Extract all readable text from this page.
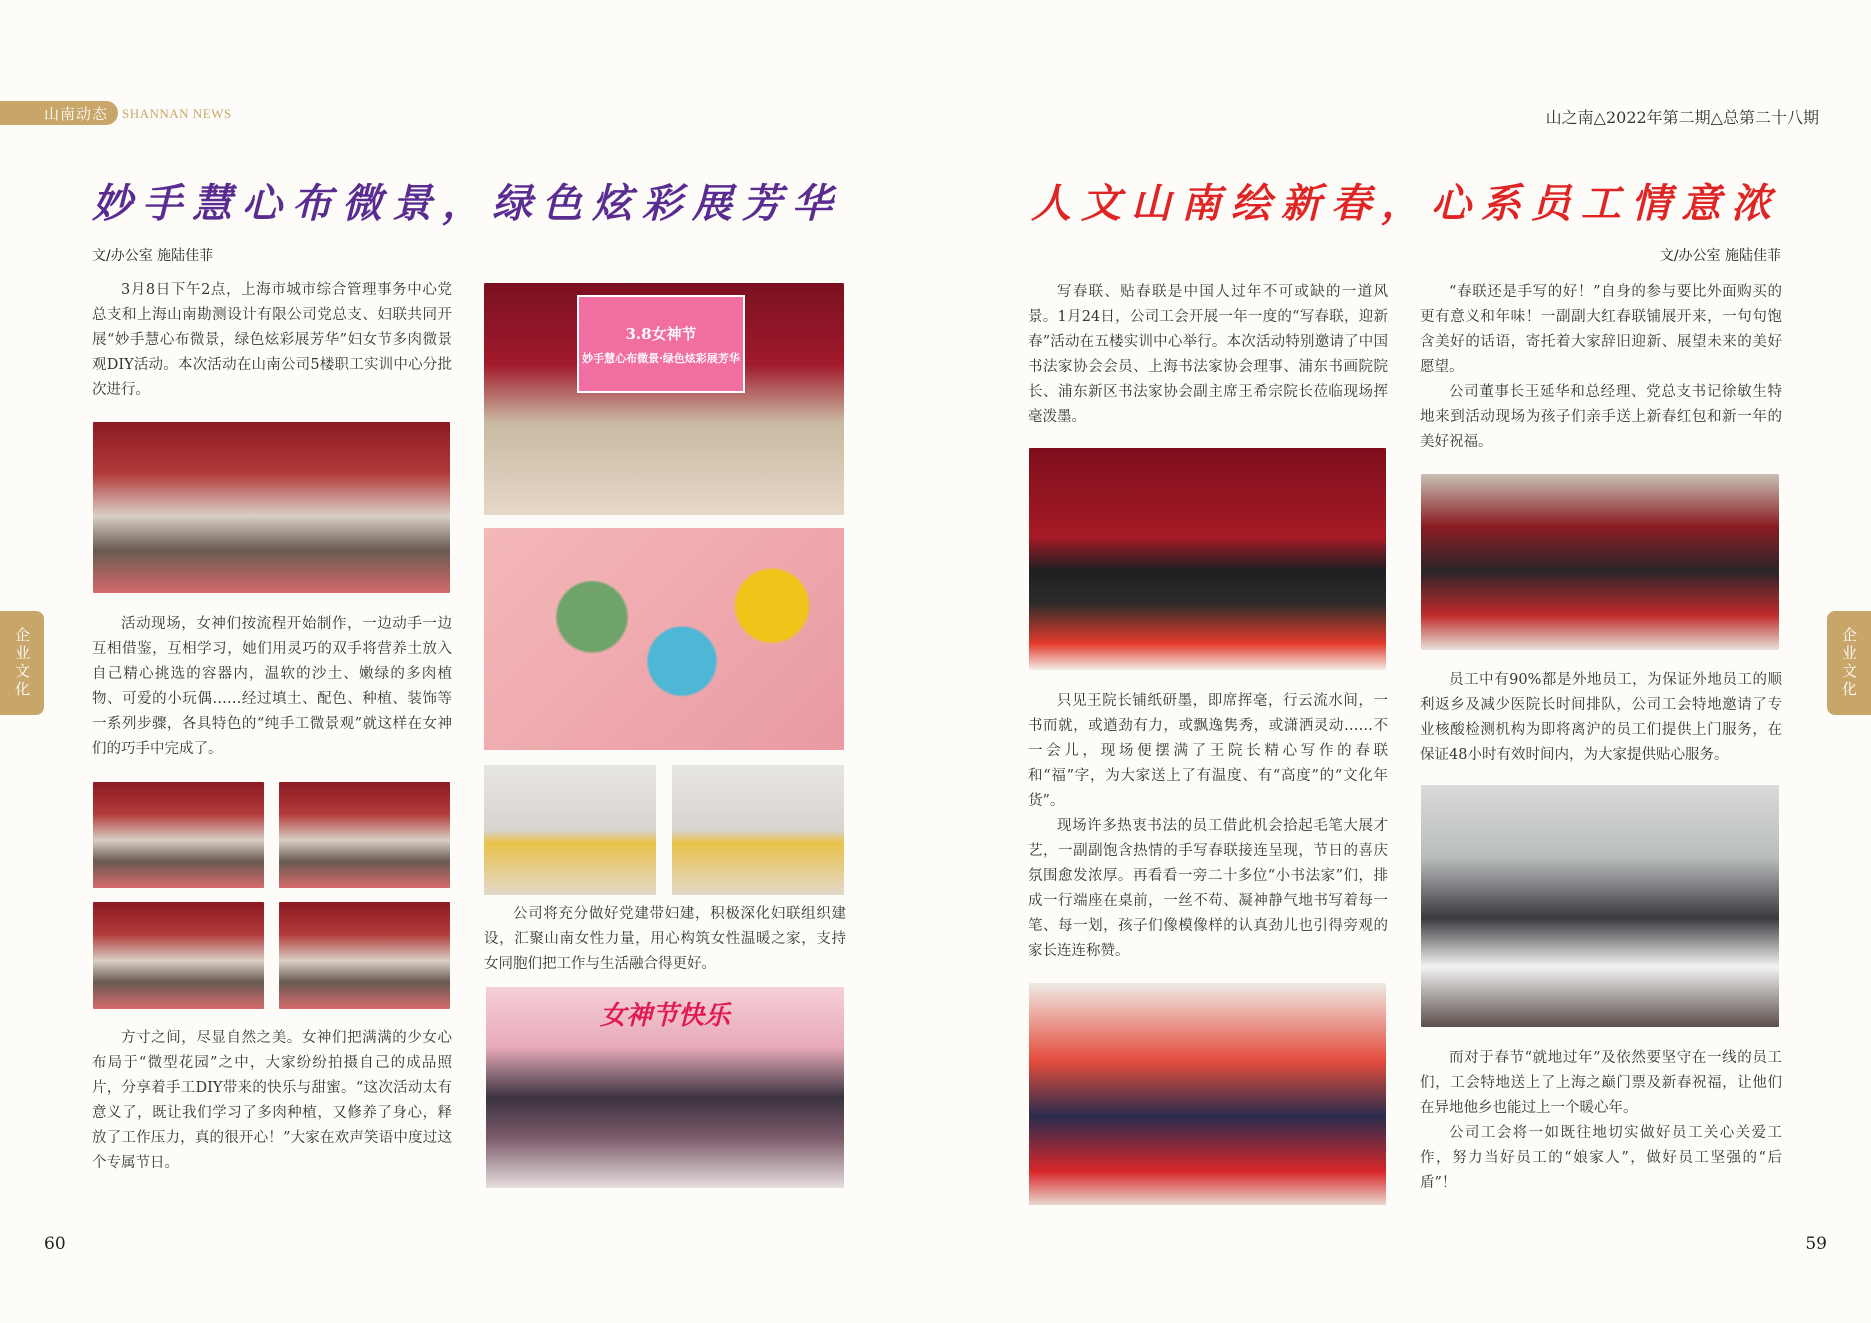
山南动态 SHANNAN NEWS	山之南△2022年第二期△总第二十八期
企业文化	企业文化
妙手慧心布微景，绿色炫彩展芳华
文/办公室 施陆佳菲

3月8日下午2点，上海市城市综合管理事务中心党总支和上海山南勘测设计有限公司党总支、妇联共同开展“妙手慧心布微景，绿色炫彩展芳华”妇女节多肉微景观DIY活动。本次活动在山南公司5楼职工实训中心分批次进行。

活动现场，女神们按流程开始制作，一边动手一边互相借鉴，互相学习，她们用灵巧的双手将营养土放入自己精心挑选的容器内，温软的沙土、嫩绿的多肉植物、可爱的小玩偶……经过填土、配色、种植、装饰等一系列步骤，各具特色的“纯手工微景观”就这样在女神们的巧手中完成了。

方寸之间，尽显自然之美。女神们把满满的少女心布局于“微型花园”之中，大家纷纷拍摄自己的成品照片，分享着手工DIY带来的快乐与甜蜜。“这次活动太有意义了，既让我们学习了多肉种植，又修养了身心，释放了工作压力，真的很开心！”大家在欢声笑语中度过这个专属节日。

3.8女神节
妙手慧心布微景·绿色炫彩展芳华

公司将充分做好党建带妇建，积极深化妇联组织建设，汇聚山南女性力量，用心构筑女性温暖之家，支持女同胞们把工作与生活融合得更好。

女神节快乐
人文山南绘新春，心系员工情意浓
文/办公室 施陆佳菲

写春联、贴春联是中国人过年不可或缺的一道风景。1月24日，公司工会开展一年一度的“写春联，迎新春”活动在五楼实训中心举行。本次活动特别邀请了中国书法家协会会员、上海书法家协会理事、浦东书画院院长、浦东新区书法家协会副主席王希宗院长莅临现场挥毫泼墨。

只见王院长铺纸研墨，即席挥毫，行云流水间，一书而就，或遒劲有力，或飘逸隽秀，或潇洒灵动……不一会儿，现场便摆满了王院长精心写作的春联和“福”字，为大家送上了有温度、有“高度”的“文化年货”。

现场许多热衷书法的员工借此机会拾起毛笔大展才艺，一副副饱含热情的手写春联接连呈现，节日的喜庆氛围愈发浓厚。再看看一旁二十多位“小书法家”们，排成一行端座在桌前，一丝不苟、凝神静气地书写着每一笔、每一划，孩子们像模像样的认真劲儿也引得旁观的家长连连称赞。

“春联还是手写的好！”自身的参与要比外面购买的更有意义和年味！一副副大红春联铺展开来，一句句饱含美好的话语，寄托着大家辞旧迎新、展望未来的美好愿望。

公司董事长王延华和总经理、党总支书记徐敏生特地来到活动现场为孩子们亲手送上新春红包和新一年的美好祝福。

员工中有90%都是外地员工，为保证外地员工的顺利返乡及减少医院长时间排队，公司工会特地邀请了专业核酸检测机构为即将离沪的员工们提供上门服务，在保证48小时有效时间内，为大家提供贴心服务。

而对于春节“就地过年”及依然要坚守在一线的员工们，工会特地送上了上海之巅门票及新春祝福，让他们在异地他乡也能过上一个暖心年。

公司工会将一如既往地切实做好员工关心关爱工作，努力当好员工的“娘家人”，做好员工坚强的“后盾”！

60	59
